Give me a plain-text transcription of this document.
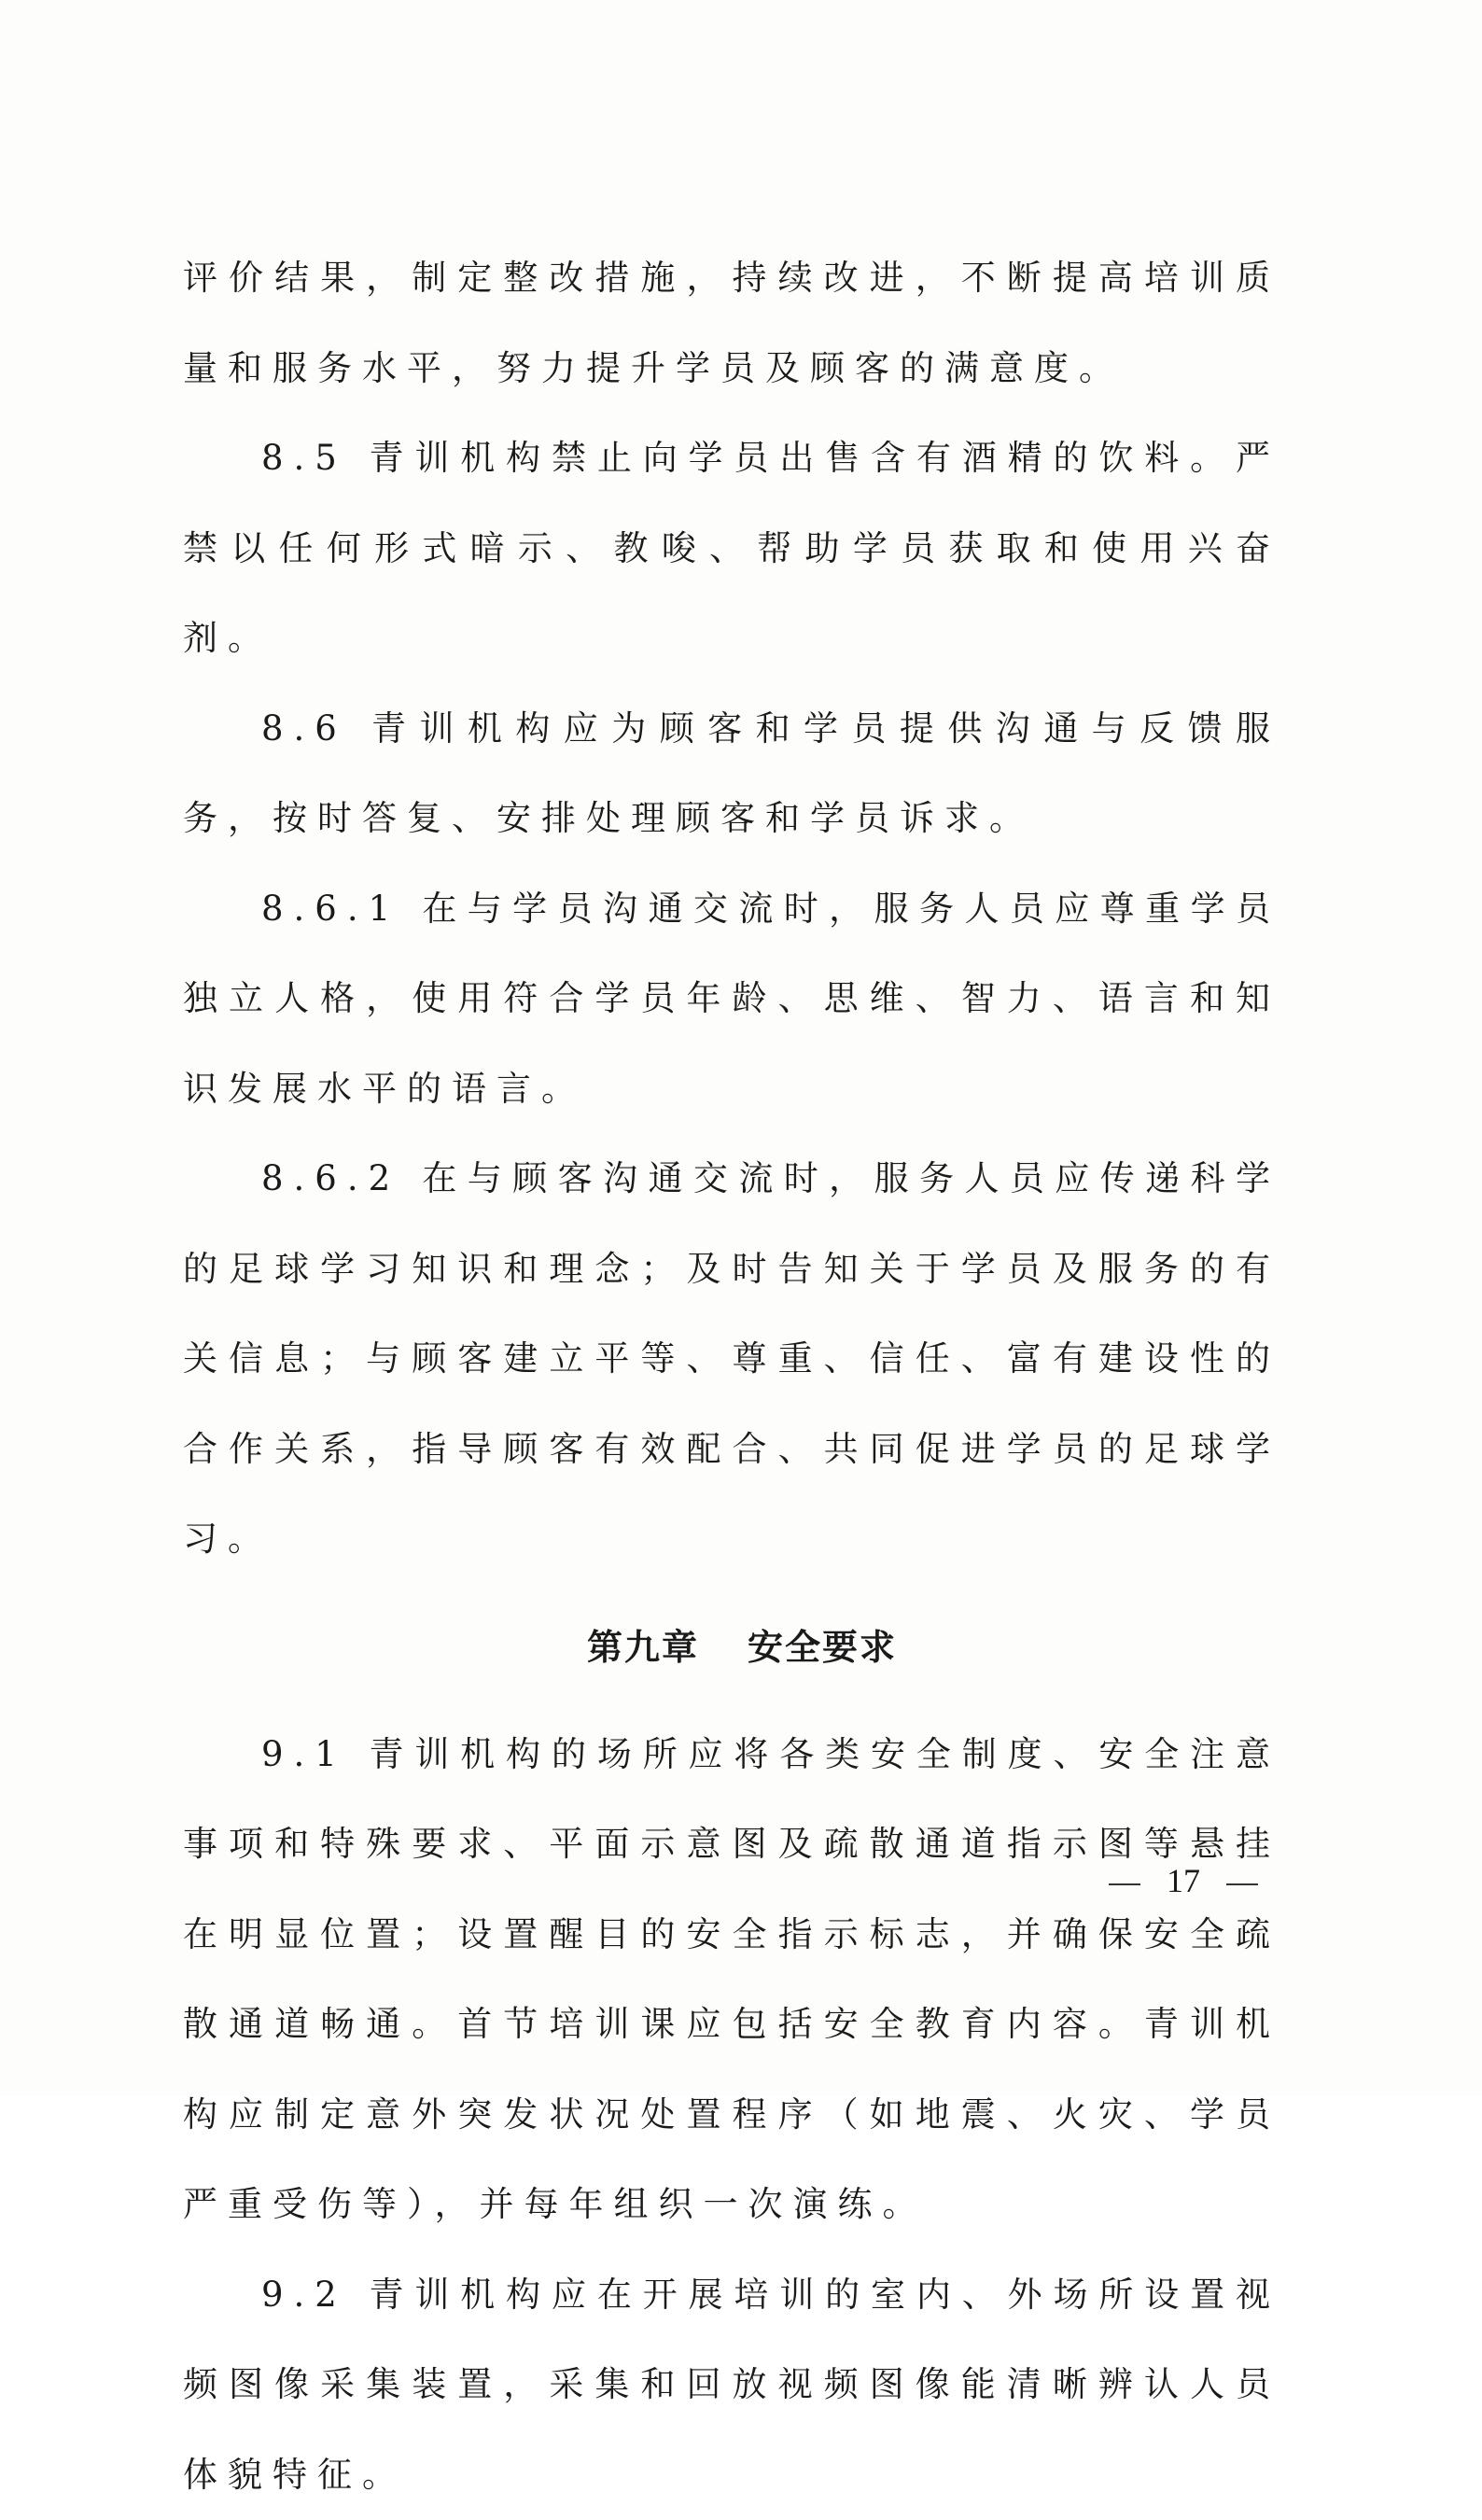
评价结果，制定整改措施，持续改进，不断提高培训质量和服务水平，努力提升学员及顾客的满意度。

8.5 青训机构禁止向学员出售含有酒精的饮料。严禁以任何形式暗示、教唆、帮助学员获取和使用兴奋剂。

8.6 青训机构应为顾客和学员提供沟通与反馈服务，按时答复、安排处理顾客和学员诉求。

8.6.1 在与学员沟通交流时，服务人员应尊重学员独立人格，使用符合学员年龄、思维、智力、语言和知识发展水平的语言。

8.6.2 在与顾客沟通交流时，服务人员应传递科学的足球学习知识和理念；及时告知关于学员及服务的有关信息；与顾客建立平等、尊重、信任、富有建设性的合作关系，指导顾客有效配合、共同促进学员的足球学习。

第九章 安全要求

9.1 青训机构的场所应将各类安全制度、安全注意事项和特殊要求、平面示意图及疏散通道指示图等悬挂在明显位置；设置醒目的安全指示标志，并确保安全疏散通道畅通。首节培训课应包括安全教育内容。青训机构应制定意外突发状况处置程序（如地震、火灾、学员严重受伤等），并每年组织一次演练。

9.2 青训机构应在开展培训的室内、外场所设置视频图像采集装置，采集和回放视频图像能清晰辨认人员体貌特征。

17
